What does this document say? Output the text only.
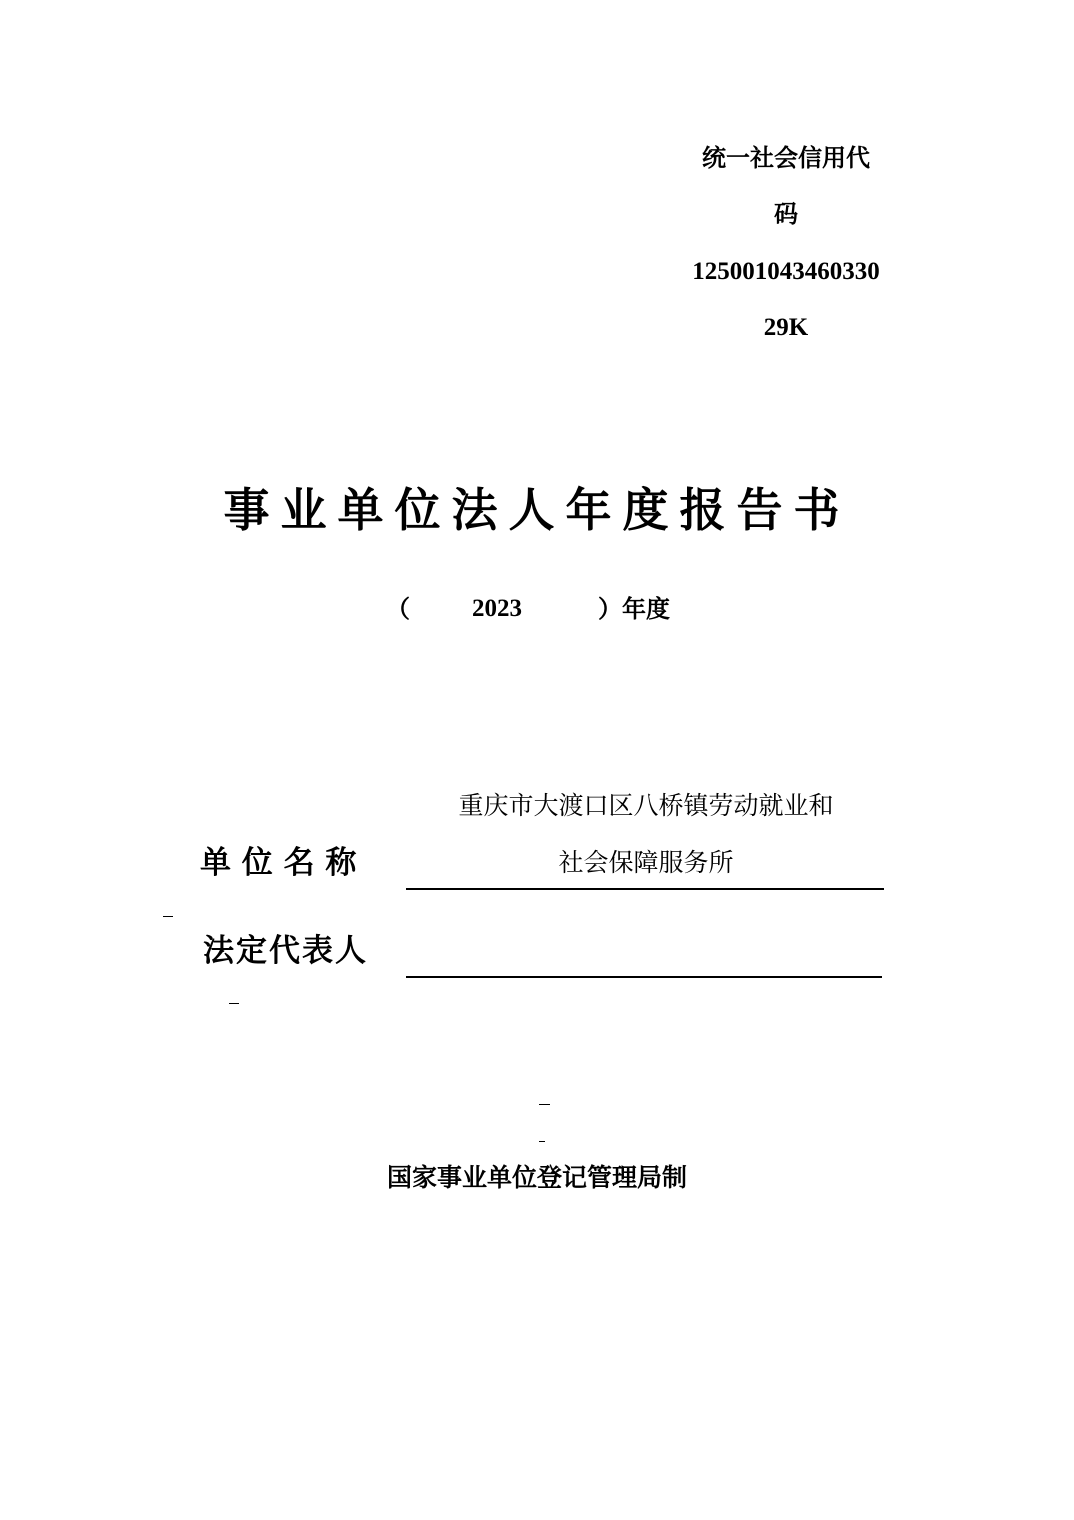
统一社会信用代
码
125001043460330
29K
事业单位法人年度报告书
（ 2023	）年度
重庆市大渡口区八桥镇劳动就业和
单 位 名 称	社会保障服务所
法定代表人
国家事业单位登记管理局制
